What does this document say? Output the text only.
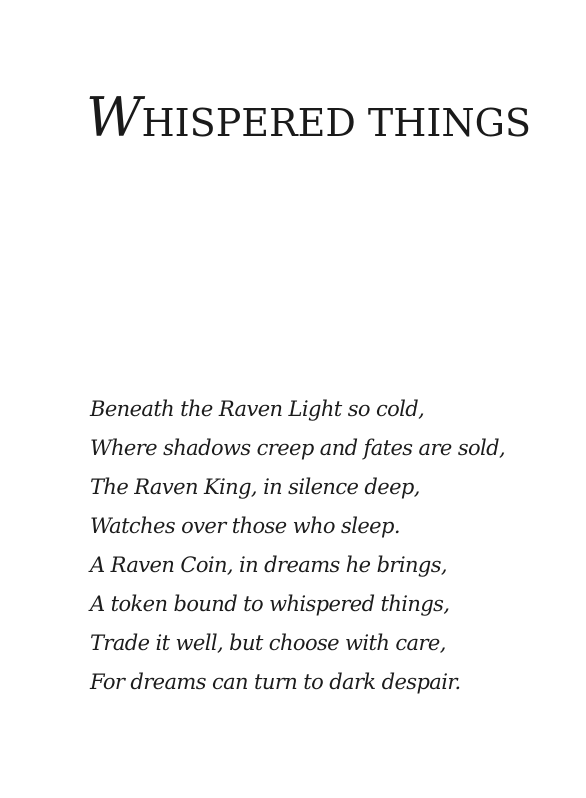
WHISPERED THINGS
Beneath the Raven Light so cold,
Where shadows creep and fates are sold,
The Raven King, in silence deep,
Watches over those who sleep.
A Raven Coin, in dreams he brings,
A token bound to whispered things,
Trade it well, but choose with care,
For dreams can turn to dark despair.
